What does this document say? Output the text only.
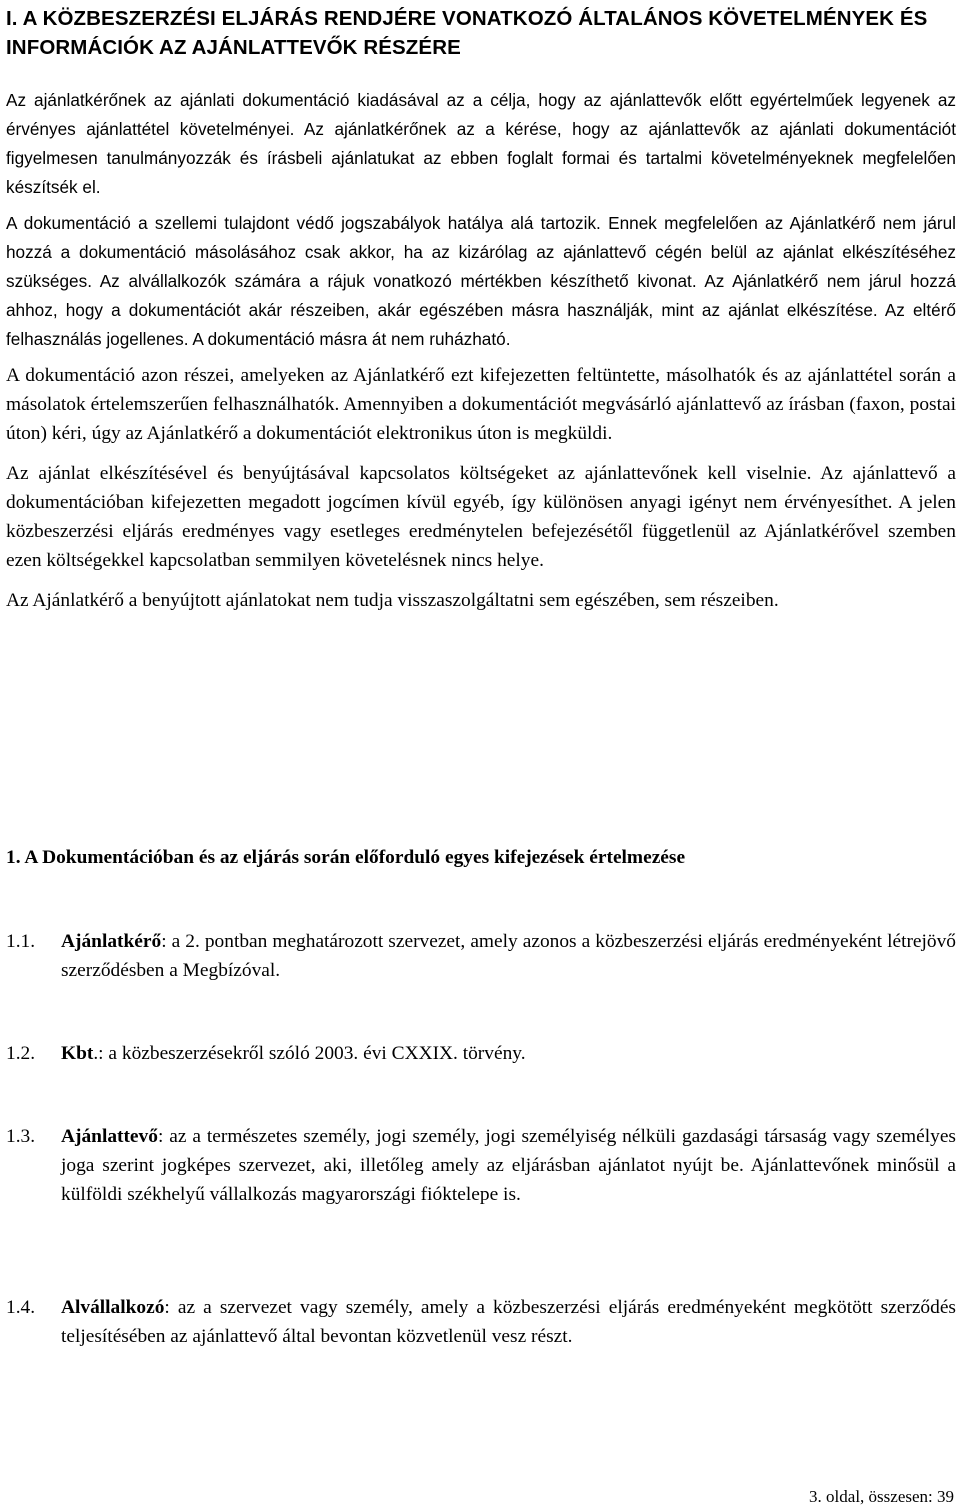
I. A KÖZBESZERZÉSI ELJÁRÁS RENDJÉRE VONATKOZÓ ÁLTALÁNOS KÖVETELMÉNYEK ÉS INFORMÁCIÓK AZ AJÁNLATTEVŐK RÉSZÉRE

Az ajánlatkérőnek az ajánlati dokumentáció kiadásával az a célja, hogy az ajánlattevők előtt egyértelműek legyenek az érvényes ajánlattétel követelményei. Az ajánlatkérőnek az a kérése, hogy az ajánlattevők az ajánlati dokumentációt figyelmesen tanulmányozzák és írásbeli ajánlatukat az ebben foglalt formai és tartalmi követelményeknek megfelelően készítsék el.

A dokumentáció a szellemi tulajdont védő jogszabályok hatálya alá tartozik. Ennek megfelelően az Ajánlatkérő nem járul hozzá a dokumentáció másolásához csak akkor, ha az kizárólag az ajánlattevő cégén belül az ajánlat elkészítéséhez szükséges. Az alvállalkozók számára a rájuk vonatkozó mértékben készíthető kivonat. Az Ajánlatkérő nem járul hozzá ahhoz, hogy a dokumentációt akár részeiben, akár egészében másra használják, mint az ajánlat elkészítése. Az eltérő felhasználás jogellenes. A dokumentáció másra át nem ruházható.

A dokumentáció azon részei, amelyeken az Ajánlatkérő ezt kifejezetten feltüntette, másolhatók és az ajánlattétel során a másolatok értelemszerűen felhasználhatók. Amennyiben a dokumentációt megvásárló ajánlattevő az írásban (faxon, postai úton) kéri, úgy az Ajánlatkérő a dokumentációt elektronikus úton is megküldi.

Az ajánlat elkészítésével és benyújtásával kapcsolatos költségeket az ajánlattevőnek kell viselnie. Az ajánlattevő a dokumentációban kifejezetten megadott jogcímen kívül egyéb, így különösen anyagi igényt nem érvényesíthet. A jelen közbeszerzési eljárás eredményes vagy esetleges eredménytelen befejezésétől függetlenül az Ajánlatkérővel szemben ezen költségekkel kapcsolatban semmilyen követelésnek nincs helye.

Az Ajánlatkérő a benyújtott ajánlatokat nem tudja visszaszolgáltatni sem egészében, sem részeiben.

1. A Dokumentációban és az eljárás során előforduló egyes kifejezések értelmezése
1.1.	Ajánlatkérő: a 2. pontban meghatározott szervezet, amely azonos a közbeszerzési eljárás eredményeként létrejövő szerződésben a Megbízóval.
1.2.	Kbt.: a közbeszerzésekről szóló 2003. évi CXXIX. törvény.
1.3.	Ajánlattevő: az a természetes személy, jogi személy, jogi személyiség nélküli gazdasági társaság vagy személyes joga szerint jogképes szervezet, aki, illetőleg amely az eljárásban ajánlatot nyújt be. Ajánlattevőnek minősül a külföldi székhelyű vállalkozás magyarországi fióktelepe is.
1.4.	Alvállalkozó: az a szervezet vagy személy, amely a közbeszerzési eljárás eredményeként megkötött szerződés teljesítésében az ajánlattevő által bevontan közvetlenül vesz részt.
3. oldal, összesen: 39
